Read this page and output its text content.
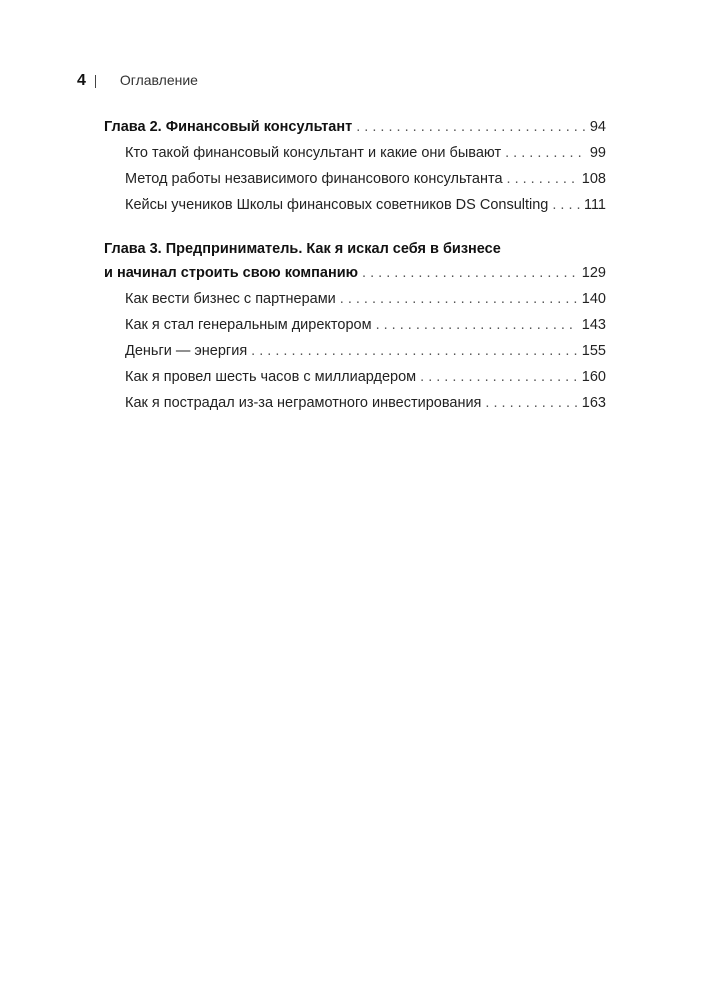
4 Оглавление
Глава 2. Финансовый консультант . . .	94
Кто такой финансовый консультант и какие они бывают . . .	99
Метод работы независимого финансового консультанта . . .	108
Кейсы учеников Школы финансовых советников DS Consulting . . . 111
Глава 3. Предприниматель. Как я искал себя в бизнесе
и начинал строить свою компанию . . .	129
Как вести бизнес с партнерами . . .	140
Как я стал генеральным директором . . .	143
Деньги — энергия . . .	155
Как я провел шесть часов с миллиардером . . .	160
Как я пострадал из-за неграмотного инвестирования . . .	163
